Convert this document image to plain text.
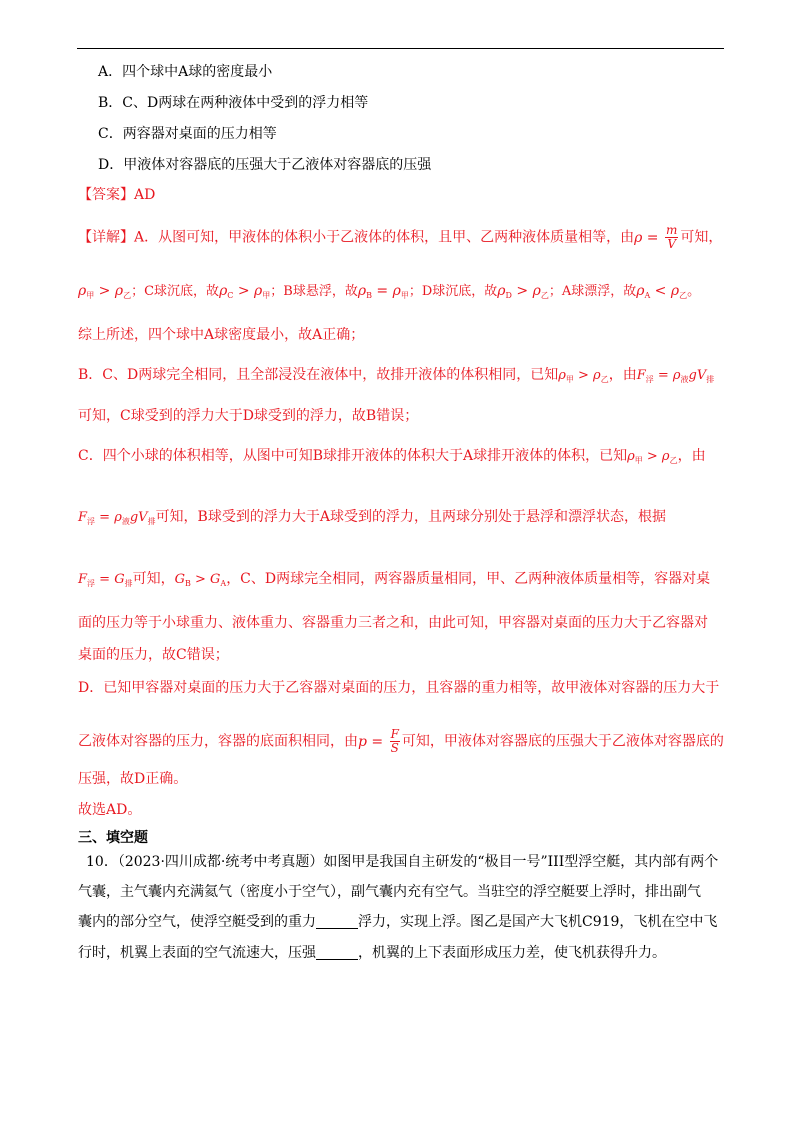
A．四个球中A球的密度最小
B．C、D两球在两种液体中受到的浮力相等
C．两容器对桌面的压力相等
D．甲液体对容器底的压强大于乙液体对容器底的压强
【答案】AD
【详解】A．从图可知，甲液体的体积小于乙液体的体积，且甲、乙两种液体质量相等，由$\rho = \frac{m}{V}$ 可知，
$\rho_甲 > \rho_乙$；C球沉底，故$\rho_C > \rho_甲$；B球悬浮，故$\rho_B = \rho_甲$；D球沉底，故$\rho_D > \rho_乙$；A球漂浮，故$\rho_A < \rho_乙$。
综上所述，四个球中A球密度最小，故A正确；
B．C、D两球完全相同，且全部浸没在液体中，故排开液体的体积相同，已知$\rho_甲 > \rho_乙$，由$F_浮 = \rho_液gV_排$
可知，C球受到的浮力大于D球受到的浮力，故B错误；
C．四个小球的体积相等，从图中可知B球排开液体的体积大于A球排开液体的体积，已知$\rho_甲 > \rho_乙$，由
$F_浮 = \rho_液gV_排$可知，B球受到的浮力大于A球受到的浮力，且两球分别处于悬浮和漂浮状态，根据
$F_浮 = G_排$可知，$G_B > G_A$，C、D两球完全相同，两容器质量相同，甲、乙两种液体质量相等，容器对桌
面的压力等于小球重力、液体重力、容器重力三者之和，由此可知，甲容器对桌面的压力大于乙容器对
桌面的压力，故C错误；
D．已知甲容器对桌面的压力大于乙容器对桌面的压力，且容器的重力相等，故甲液体对容器的压力大于
乙液体对容器的压力，容器的底面积相同，由$p = \frac{F}{S}$ 可知，甲液体对容器底的压强大于乙液体对容器底的
压强，故D正确。
故选AD。
三、填空题
10．（2023·四川成都·统考中考真题）如图甲是我国自主研发的“极目一号”III型浮空艇，其内部有两个
气囊，主气囊内充满氦气（密度小于空气），副气囊内充有空气。当驻空的浮空艇要上浮时，排出副气
囊内的部分空气，使浮空艇受到的重力	浮力，实现上浮。图乙是国产大飞机C919，飞机在空中飞
行时，机翼上表面的空气流速大，压强	，机翼的上下表面形成压力差，使飞机获得升力。
